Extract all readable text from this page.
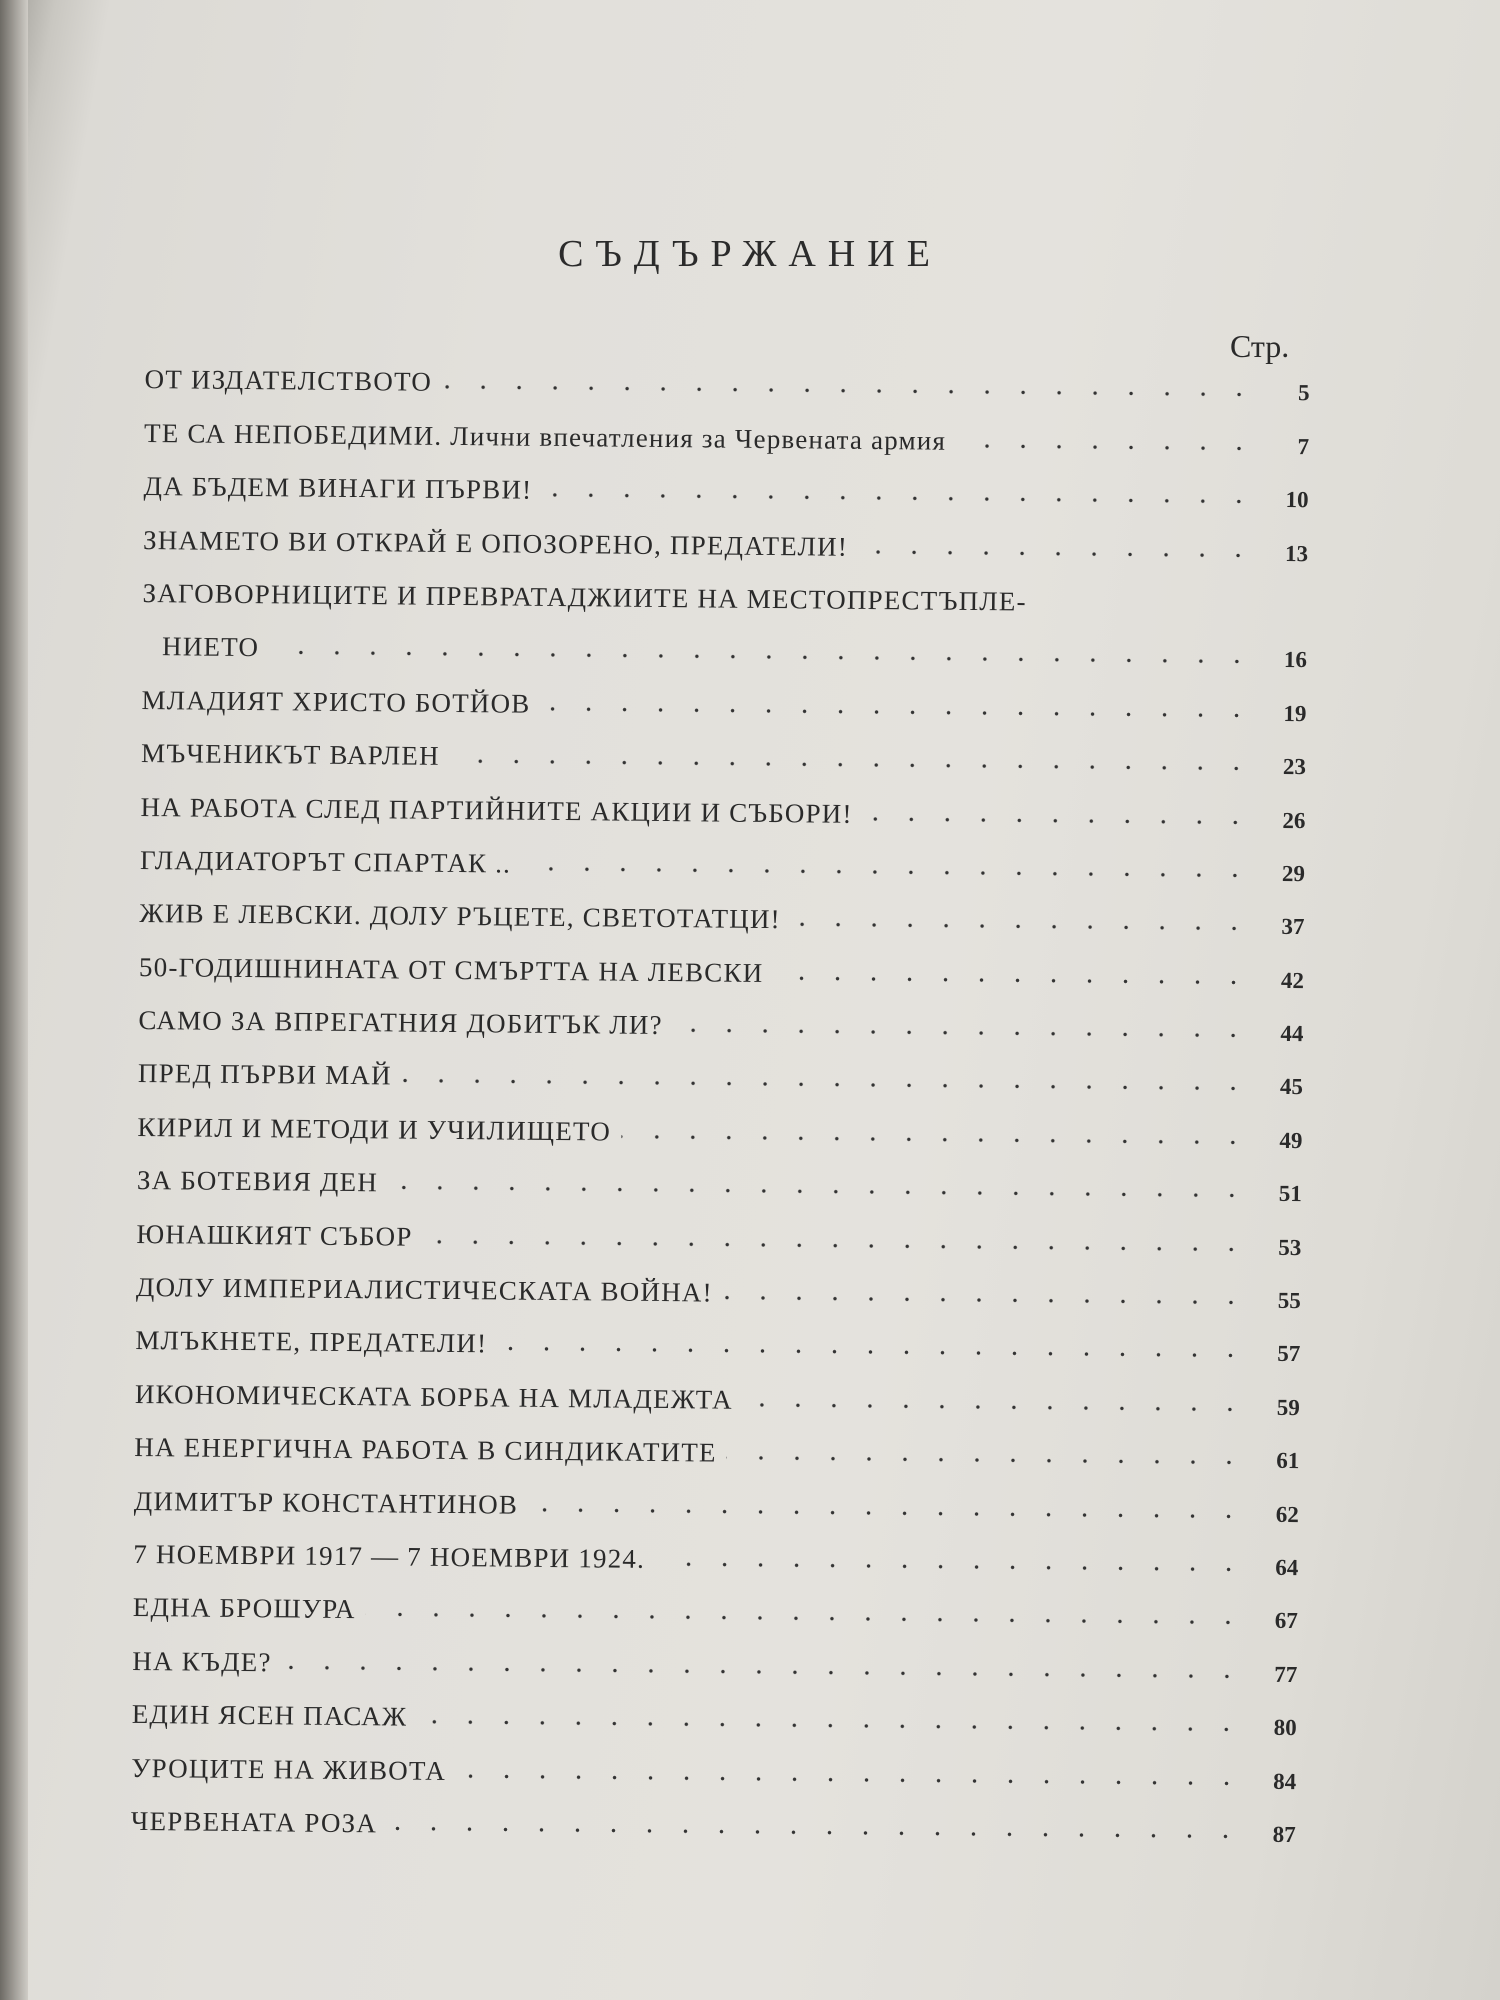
СЪДЪРЖАНИЕ
Стр.
ОТ ИЗДАТЕЛСТВОТО	5
ТЕ СА НЕПОБЕДИМИ. Лични впечатления за Червената армия	7
ДА БЪДЕМ ВИНАГИ ПЪРВИ!	10
ЗНАМЕТО ВИ ОТКРАЙ Е ОПОЗОРЕНО, ПРЕДАТЕЛИ!	13
ЗАГОВОРНИЦИТЕ И ПРЕВРАТАДЖИИТЕ НА МЕСТОПРЕСТЪПЛЕ-
НИЕТО	16
МЛАДИЯТ ХРИСТО БОТЙОВ	19
МЪЧЕНИКЪТ ВАРЛЕН	23
НА РАБОТА СЛЕД ПАРТИЙНИТЕ АКЦИИ И СЪБОРИ!	26
ГЛАДИАТОРЪТ СПАРТАК ..	29
ЖИВ Е ЛЕВСКИ. ДОЛУ РЪЦЕТЕ, СВЕТОТАТЦИ!	37
50-ГОДИШНИНАТА ОТ СМЪРТТА НА ЛЕВСКИ	42
САМО ЗА ВПРЕГАТНИЯ ДОБИТЪК ЛИ?	44
ПРЕД ПЪРВИ МАЙ	45
КИРИЛ И МЕТОДИ И УЧИЛИЩЕТО	49
ЗА БОТЕВИЯ ДЕН	51
ЮНАШКИЯТ СЪБОР	53
ДОЛУ ИМПЕРИАЛИСТИЧЕСКАТА ВОЙНА!	55
МЛЪКНЕТЕ, ПРЕДАТЕЛИ!	57
ИКОНОМИЧЕСКАТА БОРБА НА МЛАДЕЖТА	59
НА ЕНЕРГИЧНА РАБОТА В СИНДИКАТИТЕ	61
ДИМИТЪР КОНСТАНТИНОВ	62
7 НОЕМВРИ 1917 — 7 НОЕМВРИ 1924.	64
ЕДНА БРОШУРА	67
НА КЪДЕ?	77
ЕДИН ЯСЕН ПАСАЖ	80
УРОЦИТЕ НА ЖИВОТА	84
ЧЕРВЕНАТА РОЗА	87
